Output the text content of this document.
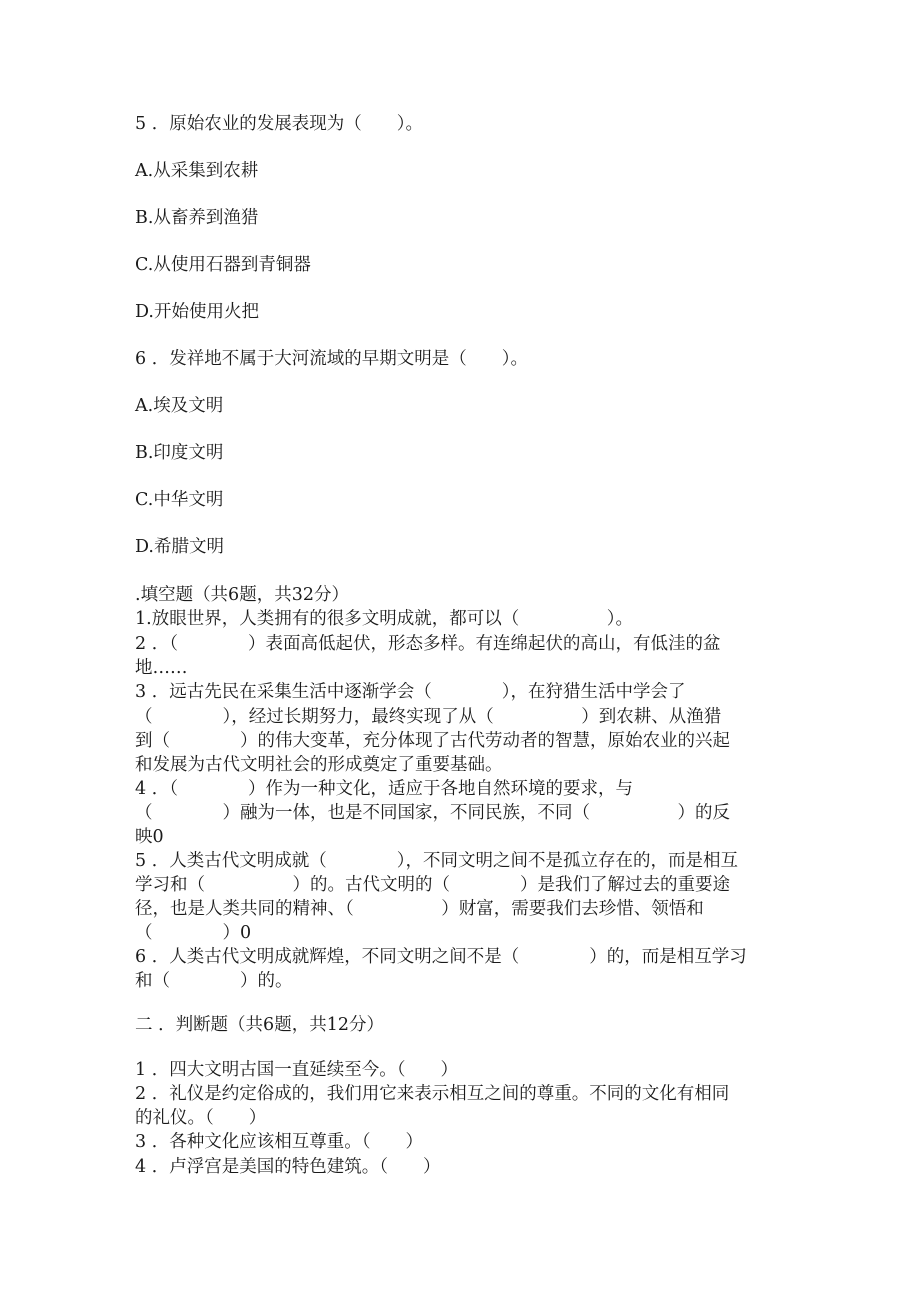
5 ．原始农业的发展表现为（　　）。
A.从采集到农耕
B.从畜养到渔猎
C.从使用石器到青铜器
D.开始使用火把
6 ．发祥地不属于大河流域的早期文明是（　　）。
A.埃及文明
B.印度文明
C.中华文明
D.希腊文明
.填空题（共6题，共32分）
1.放眼世界，人类拥有的很多文明成就，都可以（　　　　　）。
2 ．（　　　　）表面高低起伏，形态多样。有连绵起伏的高山，有低洼的盆
地……
3 ．远古先民在采集生活中逐渐学会（　　　　），在狩猎生活中学会了
（　　　　），经过长期努力，最终实现了从（　　　　　）到农耕、从渔猎
到（　　　　）的伟大变革，充分体现了古代劳动者的智慧，原始农业的兴起
和发展为古代文明社会的形成奠定了重要基础。
4 ．（　　　　）作为一种文化，适应于各地自然环境的要求，与
（　　　　）融为一体，也是不同国家，不同民族，不同（　　　　　）的反
映0
5 ．人类古代文明成就（　　　　），不同文明之间不是孤立存在的，而是相互
学习和（　　　　　）的。古代文明的（　　　　）是我们了解过去的重要途
径，也是人类共同的精神、（　　　　　）财富，需要我们去珍惜、领悟和
（　　　　）0
6 ．人类古代文明成就辉煌，不同文明之间不是（　　　　）的，而是相互学习
和（　　　　）的。
二 ．判断题（共6题，共12分）
1 ．四大文明古国一直延续至今。（　　）
2 ．礼仪是约定俗成的，我们用它来表示相互之间的尊重。不同的文化有相同
的礼仪。（　　）
3 ．各种文化应该相互尊重。（　　）
4 ．卢浮宫是美国的特色建筑。（　　）
